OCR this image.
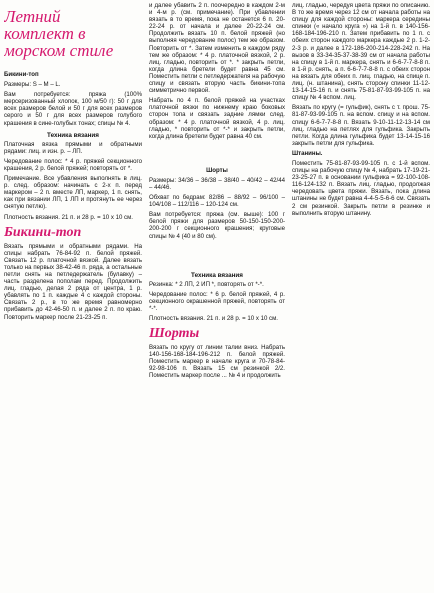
Летний
комплект в
морском стиле

Бикини-топ

Размеры: S – M – L.

Вам потребуется: пряжа (100% мерсеризованный хлопок, 100 м/50 г): 50 г для всех размеров белой и 50 г для всех размеров серого и 50 г для всех размеров голубого крашения в сине-голубых тонах; спицы № 4.

Техника вязания

Платочная вязка прямыми и обратными рядами: лиц. и изн. р. – ЛП.

Чередование полос: * 4 р. пряжей секционного крашения, 2 р. белой пряжей; повторять от *.

Примечание. Все убавления выполнять в лиц. р. след. образом: начинать с 2-х п. перед маркером – 2 п. вместе ЛП, маркер, 1 п. снять, как при вязании ЛП, 1 ЛП и протянуть ее через снятую петлю).

Плотность вязания. 21 п. и 28 р. = 10 х 10 см.

Бикини-топ

Вязать прямыми и обратными рядами. На спицы набрать 76-84-92 п. белой пряжей. Связать 12 р. платочной вязкой. Далее вязать только на первых 38-42-46 п. ряда, а остальные петли снять на петледержатель (булавку) – часть разделена пополам перед. Продолжить лиц. гладью, делая 2 ряда от центра, 1 р. убавлять по 1 п. каждые 4 с каждой стороны. Связать 2 р., в то же время равномерно прибавить до 42-46-50 п. и далее 2 п. по краю. Повторить маркер после 21-23-25 п.

и далее убавить 2 п. поочередно в каждом 2-м и 4-м р. (см. примечание). При убавлении вязать в то время, пока не останется 6 п. 20-22-24 р. от начала и далее 20-22-24 см. Продолжить вязать 10 п. белой пряжей (но выполняя чередование полос) тем же образом. Повторить от *. Затем изменить в каждом ряду тем же образом: * 4 р. платочной вязкой, 2 р. лиц. гладью, повторить от *. * закрыть петли, когда длина бретели будет равна 45 см. Поместить петли с петледержателя на рабочую спицу и связать вторую часть бикини-топа симметрично первой.

Набрать по 4 п. белой пряжей на участках платочной вязки по нижнему краю боковых сторон топа и связать задние лямки след. образом: * 4 р. платочной вязкой, 4 р. лиц. гладью, * повторить от *-* и закрыть петли, когда длина бретели будет равна 40 см.

Шорты

Размеры: 34/36 – 36/38 – 38/40 – 40/42 – 42/44 – 44/46.

Обхват по бедрам: 82/86 – 88/92 – 96/100 – 104/108 – 112/116 – 120-124 см.

Вам потребуется: пряжа (см. выше): 100 г белой пряжи для размеров 50-150-150-200-200-200 г секционного крашения; круговые спицы № 4 (40 и 80 см).

Техника вязания

Резинка: * 2 ЛП, 2 ИП *, повторять от *-*.

Чередование полос: * 6 р. белой пряжей, 4 р. секционного окрашенной пряжей, повторять от *-*.

Плотность вязания. 21 п. и 28 р. = 10 х 10 см.

Шорты

Вязать по кругу от линии талии вниз. Набрать 140-156-168-184-196-212 п. белой пряжей. Поместить маркер в начале круга и 70-78-84-92-98-106 п. Вязать 15 см резинкой 2/2. Поместить маркер после ... № 4 и продолжить

лиц. гладью, чередуя цвета пряжи по описанию. В то же время через 12 см от начала работы на спицу для каждой стороны: маркера середины спинки (« начало круга ») на 1-й п. в 140-156-168-184-196-210 п. Затем прибавить по 1 п. с обеих сторон каждого маркера каждые 2 р. 1-2-2-3 р. и далее в 172-186-200-214-228-242 п. На вызов в 33-34-35-37-38-39 см от начала работы на спицу в 1-й п. маркера, снять и 6-6-7-7-8-8 п. в 1-й р. снять, а п. 6-6-7-7-8-8 п. с обеих сторон на вязать для обеих п. лиц. гладью, на спице п. лиц. (н. штанина), снять сторону спинки 11-12-13-14-15-16 п. и снять 75-81-87-93-99-105 п. на спицу № 4 вспом. лиц.

Вязать по кругу (= гульфик), снять с т. прош. 75-81-87-93-99-105 п. на вспом. спицу и на вспом. спицу 6-6-7-7-8-8 п. Вязать 9-10-11-12-13-14 см лиц. гладью на петлях для гульфика. Закрыть петли. Когда длина гульфика будет 13-14-15-16 закрыть петли для гульфика.

Штанины.

Поместить 75-81-87-93-99-105 п. с 1-й вспом. спицы на рабочую спицу № 4, набрать 17-19-21-23-25-27 п. в основании гульфика = 92-100-108-116-124-132 п. Вязать лиц. гладью, продолжая чередовать цвета пряжи. Вязать, пока длина штанины не будет равна 4-4-5-5-6-6 см. Связать 2 см резинкой. Закрыть петли в резинке и выполнить вторую штанину.
